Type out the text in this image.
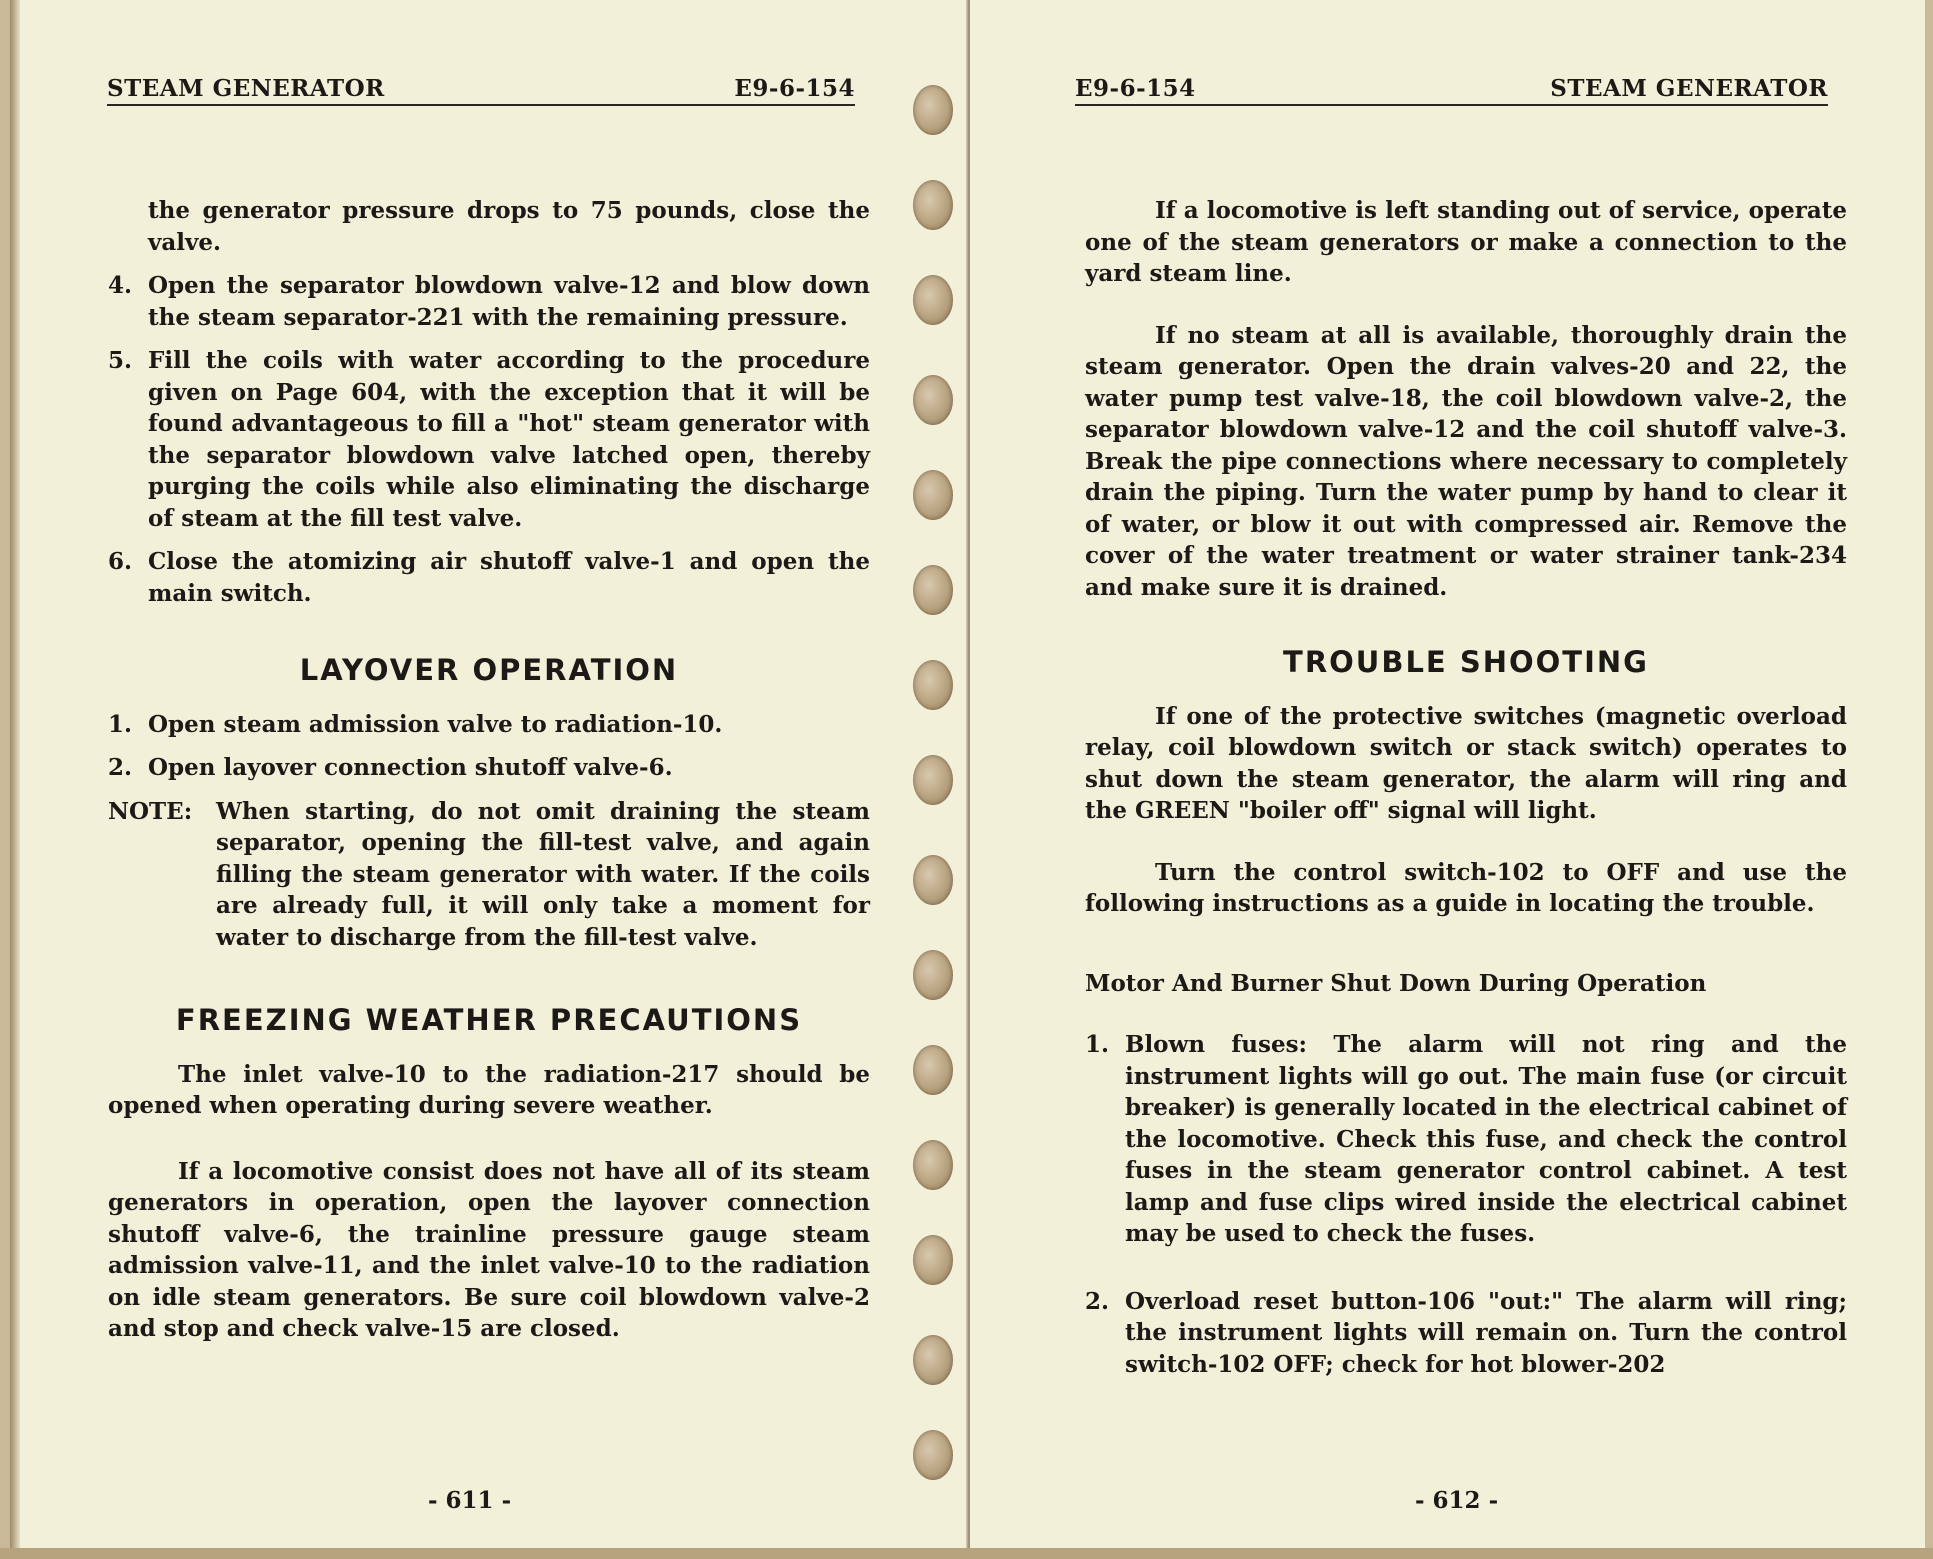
STEAM GENERATOR	E9-6-154
the generator pressure drops to 75 pounds, close the valve.
4. Open the separator blowdown valve-12 and blow down the steam separator-221 with the remaining pressure.
5. Fill the coils with water according to the procedure given on Page 604, with the exception that it will be found advantageous to fill a "hot" steam generator with the separator blowdown valve latched open, thereby purging the coils while also eliminating the discharge of steam at the fill test valve.
6. Close the atomizing air shutoff valve-1 and open the main switch.
LAYOVER OPERATION
1. Open steam admission valve to radiation-10.
2. Open layover connection shutoff valve-6.
NOTE:	When starting, do not omit draining the steam separator, opening the fill-test valve, and again filling the steam generator with water. If the coils are already full, it will only take a moment for water to discharge from the fill-test valve.
FREEZING WEATHER PRECAUTIONS

The inlet valve-10 to the radiation-217 should be opened when operating during severe weather.

If a locomotive consist does not have all of its steam generators in operation, open the layover connection shutoff valve-6, the trainline pressure gauge steam admission valve-11, and the inlet valve-10 to the radiation on idle steam generators. Be sure coil blowdown valve-2 and stop and check valve-15 are closed.

- 611 -
E9-6-154	STEAM GENERATOR

If a locomotive is left standing out of service, operate one of the steam generators or make a connection to the yard steam line.

If no steam at all is available, thoroughly drain the steam generator. Open the drain valves-20 and 22, the water pump test valve-18, the coil blowdown valve-2, the separator blowdown valve-12 and the coil shutoff valve-3. Break the pipe connections where necessary to completely drain the piping. Turn the water pump by hand to clear it of water, or blow it out with compressed air. Remove the cover of the water treatment or water strainer tank-234 and make sure it is drained.

TROUBLE SHOOTING

If one of the protective switches (magnetic overload relay, coil blowdown switch or stack switch) operates to shut down the steam generator, the alarm will ring and the GREEN "boiler off" signal will light.

Turn the control switch-102 to OFF and use the following instructions as a guide in locating the trouble.

Motor And Burner Shut Down During Operation
1. Blown fuses: The alarm will not ring and the instrument lights will go out. The main fuse (or circuit breaker) is generally located in the electrical cabinet of the locomotive. Check this fuse, and check the control fuses in the steam generator control cabinet. A test lamp and fuse clips wired inside the electrical cabinet may be used to check the fuses.
2. Overload reset button-106 "out:" The alarm will ring; the instrument lights will remain on. Turn the control switch-102 OFF; check for hot blower-202
- 612 -
